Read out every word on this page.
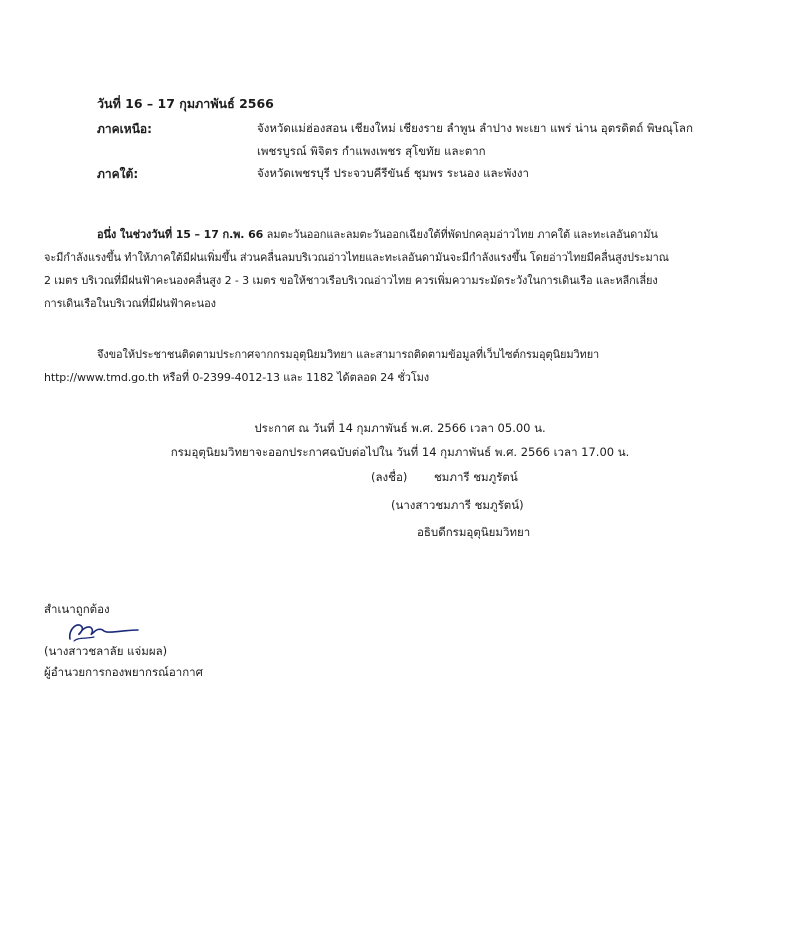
วันที่ 16 – 17 กุมภาพันธ์ 2566
ภาคเหนือ:	จังหวัดแม่ฮ่องสอน เชียงใหม่ เชียงราย ลำพูน ลำปาง พะเยา แพร่ น่าน อุตรดิตถ์ พิษณุโลก
เพชรบูรณ์ พิจิตร กำแพงเพชร สุโขทัย และตาก
ภาคใต้:	จังหวัดเพชรบุรี ประจวบคีรีขันธ์ ชุมพร ระนอง และพังงา
อนึ่ง ในช่วงวันที่ 15 – 17 ก.พ. 66 ลมตะวันออกและลมตะวันออกเฉียงใต้ที่พัดปกคลุมอ่าวไทย ภาคใต้ และทะเลอันดามัน
จะมีกำลังแรงขึ้น ทำให้ภาคใต้มีฝนเพิ่มขึ้น ส่วนคลื่นลมบริเวณอ่าวไทยและทะเลอันดามันจะมีกำลังแรงขึ้น โดยอ่าวไทยมีคลื่นสูงประมาณ
2 เมตร บริเวณที่มีฝนฟ้าคะนองคลื่นสูง 2 - 3 เมตร ขอให้ชาวเรือบริเวณอ่าวไทย ควรเพิ่มความระมัดระวังในการเดินเรือ และหลีกเลี่ยง
การเดินเรือในบริเวณที่มีฝนฟ้าคะนอง
จึงขอให้ประชาชนติดตามประกาศจากกรมอุตุนิยมวิทยา และสามารถติดตามข้อมูลที่เว็บไซต์กรมอุตุนิยมวิทยา
http://www.tmd.go.th หรือที่ 0-2399-4012-13 และ 1182 ได้ตลอด 24 ชั่วโมง
ประกาศ ณ วันที่ 14 กุมภาพันธ์ พ.ศ. 2566 เวลา 05.00 น.
กรมอุตุนิยมวิทยาจะออกประกาศฉบับต่อไปใน วันที่ 14 กุมภาพันธ์ พ.ศ. 2566 เวลา 17.00 น.
(ลงชื่อ) ชมภารี ชมภูรัตน์
(นางสาวชมภารี ชมภูรัตน์)
อธิบดีกรมอุตุนิยมวิทยา
สำเนาถูกต้อง
(นางสาวชลาลัย แจ่มผล)
ผู้อำนวยการกองพยากรณ์อากาศ
